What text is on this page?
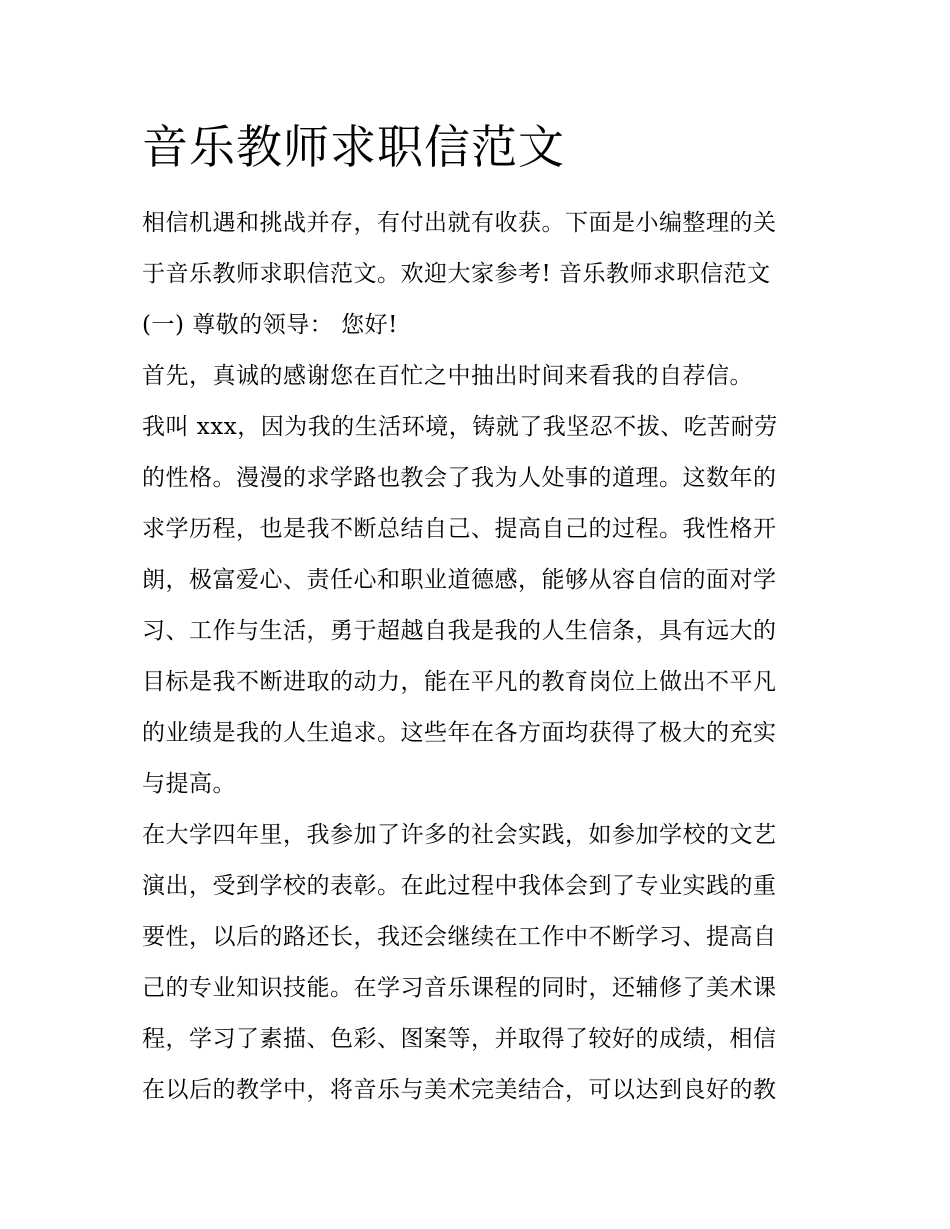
音乐教师求职信范文
相信机遇和挑战并存，有付出就有收获。下面是小编整理的关
于音乐教师求职信范文。欢迎大家参考! 音乐教师求职信范文
(一) 尊敬的领导： 您好!
首先，真诚的感谢您在百忙之中抽出时间来看我的自荐信。
我叫 xxx，因为我的生活环境，铸就了我坚忍不拔、吃苦耐劳
的性格。漫漫的求学路也教会了我为人处事的道理。这数年的
求学历程，也是我不断总结自己、提高自己的过程。我性格开
朗，极富爱心、责任心和职业道德感，能够从容自信的面对学
习、工作与生活，勇于超越自我是我的人生信条，具有远大的
目标是我不断进取的动力，能在平凡的教育岗位上做出不平凡
的业绩是我的人生追求。这些年在各方面均获得了极大的充实
与提高。
在大学四年里，我参加了许多的社会实践，如参加学校的文艺
演出，受到学校的表彰。在此过程中我体会到了专业实践的重
要性，以后的路还长，我还会继续在工作中不断学习、提高自
己的专业知识技能。在学习音乐课程的同时，还辅修了美术课
程，学习了素描、色彩、图案等，并取得了较好的成绩，相信
在以后的教学中，将音乐与美术完美结合，可以达到良好的教
